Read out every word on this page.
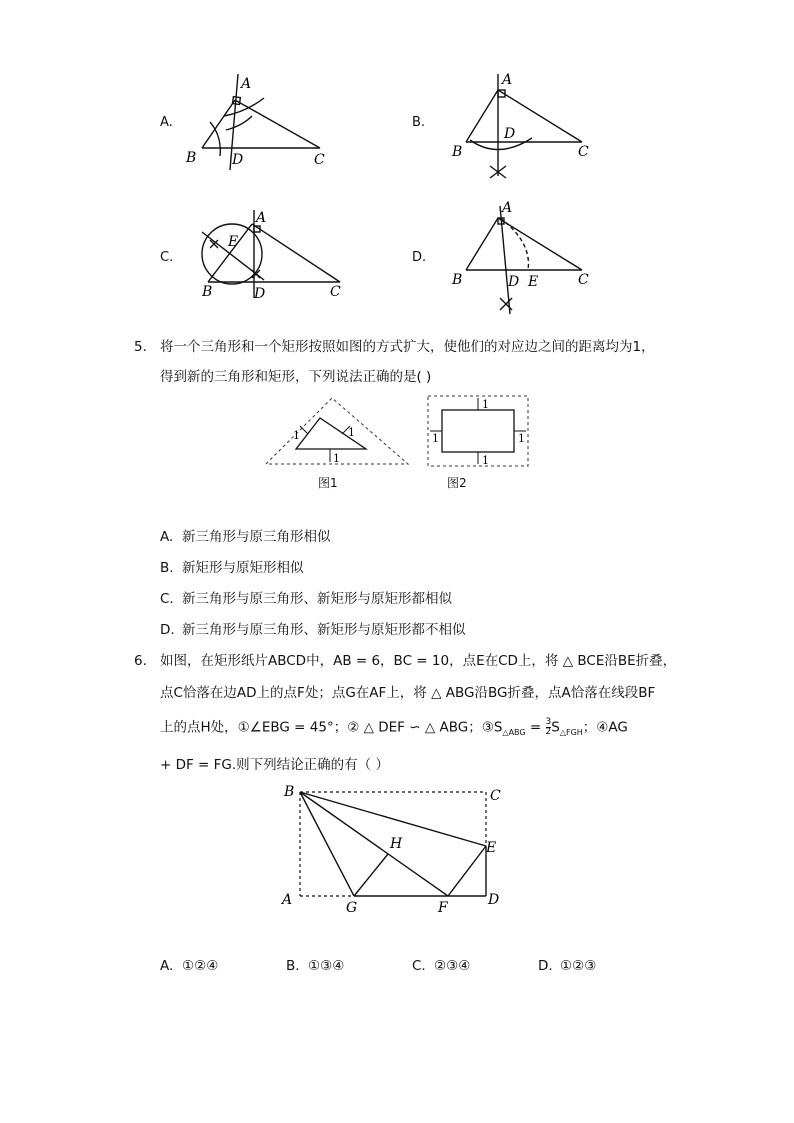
A.
A
B	D	C
B.
A
B
D
C
C.
A
E
B	D	C
D.
A
B	D E	C
5. 将一个三角形和一个矩形按照如图的方式扩大，使他们的对应边之间的距离均为1，
得到新的三角形和矩形，下列说法正确的是( )
1	1
1
图1
1
1
1	1
图2
A. 新三角形与原三角形相似
B. 新矩形与原矩形相似
C. 新三角形与原三角形、新矩形与原矩形都相似
D. 新三角形与原三角形、新矩形与原矩形都不相似
6. 如图，在矩形纸片ABCD中，AB = 6，BC = 10，点E在CD上，将 △ BCE沿BE折叠，
点C恰落在边AD上的点F处；点G在AF上，将 △ ABG沿BG折叠，点A恰落在线段BF
上的点H处，①∠EBG = 45°；② △ DEF ∽ △ ABG；$③S_{\triangle ABG} = \frac{3}{2} S_{\triangle FGH}$；④AG
+ DF = FG.则下列结论正确的有（ ）
B	C
H	E
A	G	F	D
A. ①②④	B. ①③④	C. ②③④	D. ①②③
